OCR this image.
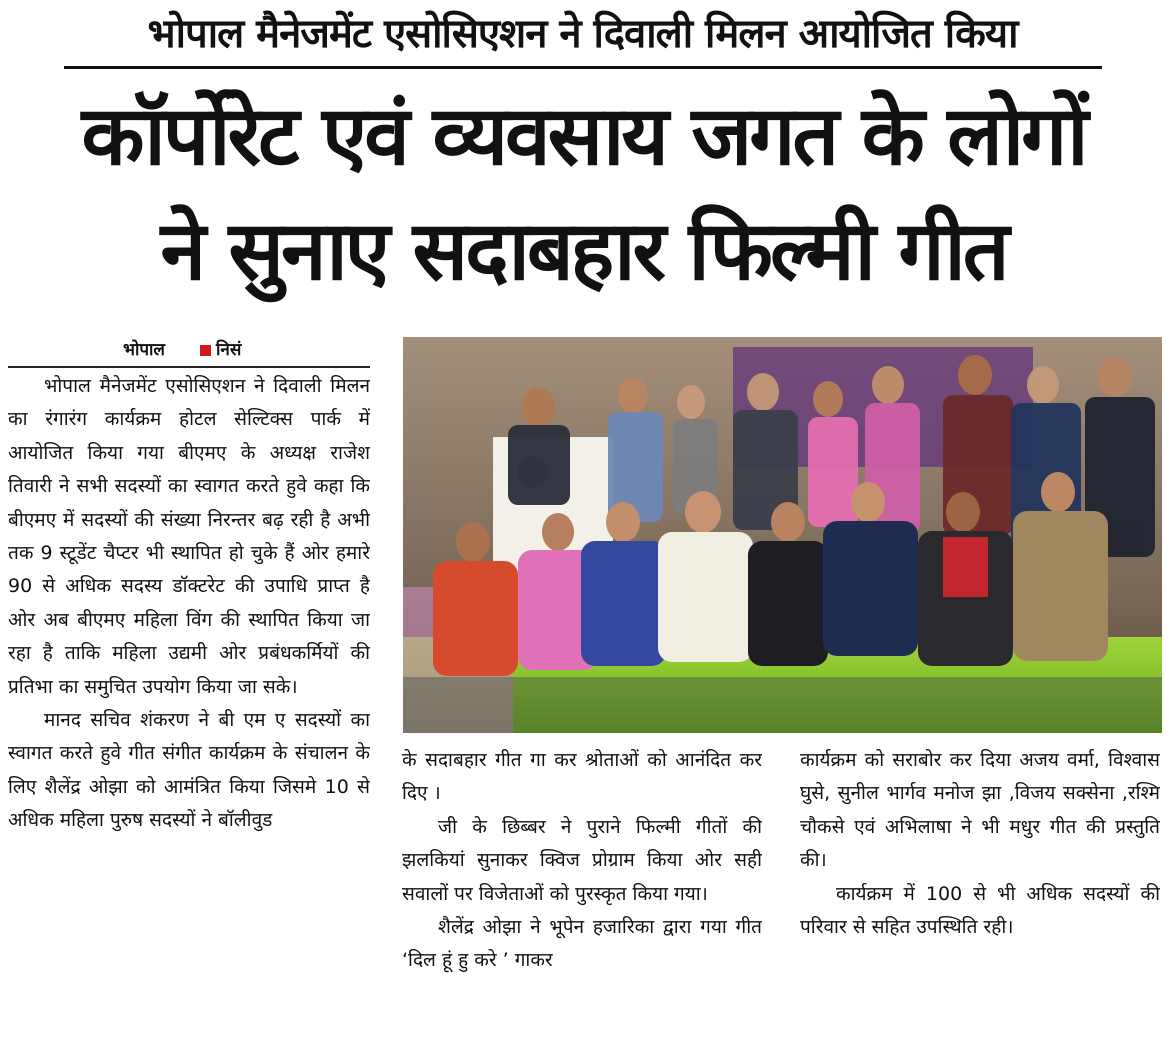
भोपाल मैनेजमेंट एसोसिएशन ने दिवाली मिलन आयोजित किया
कॉर्पोरेट एवं व्यवसाय जगत के लोगों
ने सुनाए सदाबहार फिल्मी गीत
भोपाल	निसं

भोपाल मैनेजमेंट एसोसिएशन ने दिवाली मिलन का रंगारंग कार्यक्रम होटल सेल्टिक्स पार्क में आयोजित किया गया बीएमए के अध्यक्ष राजेश तिवारी ने सभी सदस्यों का स्वागत करते हुवे कहा कि बीएमए में सदस्यों की संख्या निरन्तर बढ़ रही है अभी तक 9 स्टूडेंट चैप्टर भी स्थापित हो चुके हैं ओर हमारे 90 से अधिक सदस्य डॉक्टरेट की उपाधि प्राप्त है ओर अब बीएमए महिला विंग की स्थापित किया जा रहा है ताकि महिला उद्यमी ओर प्रबंधकर्मियों की प्रतिभा का समुचित उपयोग किया जा सके।

मानद सचिव शंकरण ने बी एम ए सदस्यों का स्वागत करते हुवे गीत संगीत कार्यक्रम के संचालन के लिए शैलेंद्र ओझा को आमंत्रित किया जिसमे 10 से अधिक महिला पुरुष सदस्यों ने बॉलीवुड

के सदाबहार गीत गा कर श्रोताओं को आनंदित कर दिए ।

जी के छिब्बर ने पुराने फिल्मी गीतों की झलकियां सुनाकर क्विज प्रोग्राम किया ओर सही सवालों पर विजेताओं को पुरस्कृत किया गया।

शैलेंद्र ओझा ने भूपेन हजारिका द्वारा गया गीत ‘दिल हूं हु करे ’ गाकर

कार्यक्रम को सराबोर कर दिया अजय वर्मा, विश्वास घुसे, सुनील भार्गव मनोज झा ,विजय सक्सेना ,रश्मि चौकसे एवं अभिलाषा ने भी मधुर गीत की प्रस्तुति की।

कार्यक्रम में 100 से भी अधिक सदस्यों की परिवार से सहित उपस्थिति रही।
